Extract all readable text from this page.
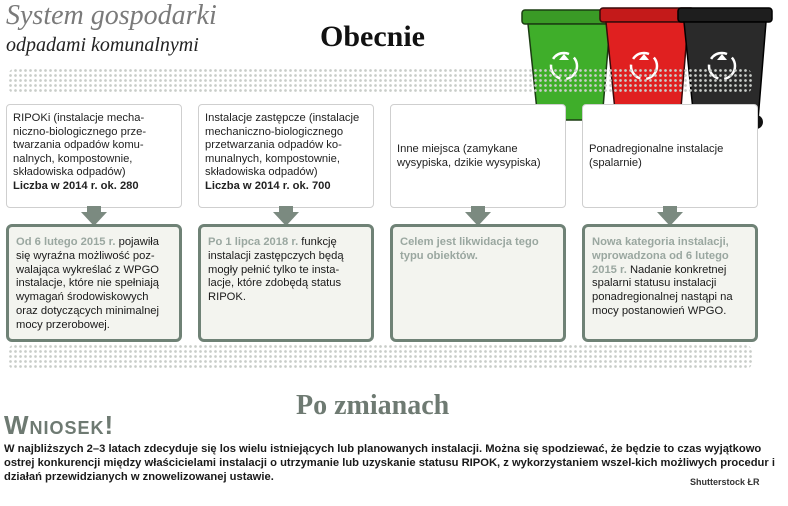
System gospodarki
odpadami komunalnymi	Obecnie
RIPOKi (instalacje mecha-niczno-biologicznego prze-twarzania odpadów komu-nalnych, kompostownie, składowiska odpadów)
Liczba w 2014 r. ok. 280
Instalacje zastępcze (instalacje mechaniczno-biologicznego przetwarzania odpadów ko-munalnych, kompostownie, składowiska odpadów)
Liczba w 2014 r. ok. 700
Inne miejsca (zamykane wysypiska, dzikie wysypiska)
Ponadregionalne instalacje (spalarnie)
Od 6 lutego 2015 r. pojawiła się wyraźna możliwość poz-walająca wykreślać z WPGO instalacje, które nie spełniają wymagań środowiskowych oraz dotyczących minimalnej mocy przerobowej.
Po 1 lipca 2018 r. funkcję instalacji zastępczych będą mogły pełnić tylko te insta-lacje, które zdobędą status RIPOK.
Celem jest likwidacja tego typu obiektów.
Nowa kategoria instalacji, wprowadzona od 6 lutego 2015 r. Nadanie konkretnej spalarni statusu instalacji ponadregionalnej nastąpi na mocy postanowień WPGO.
Po zmianach
Wniosek!
W najbliższych 2–3 latach zdecyduje się los wielu istniejących lub planowanych instalacji. Można się spodziewać, że będzie to czas wyjątkowo ostrej konkurencji między właścicielami instalacji o utrzymanie lub uzyskanie statusu RIPOK, z wykorzystaniem wszel-kich możliwych procedur i działań przewidzianych w znowelizowanej ustawie.	Shutterstock ŁR
